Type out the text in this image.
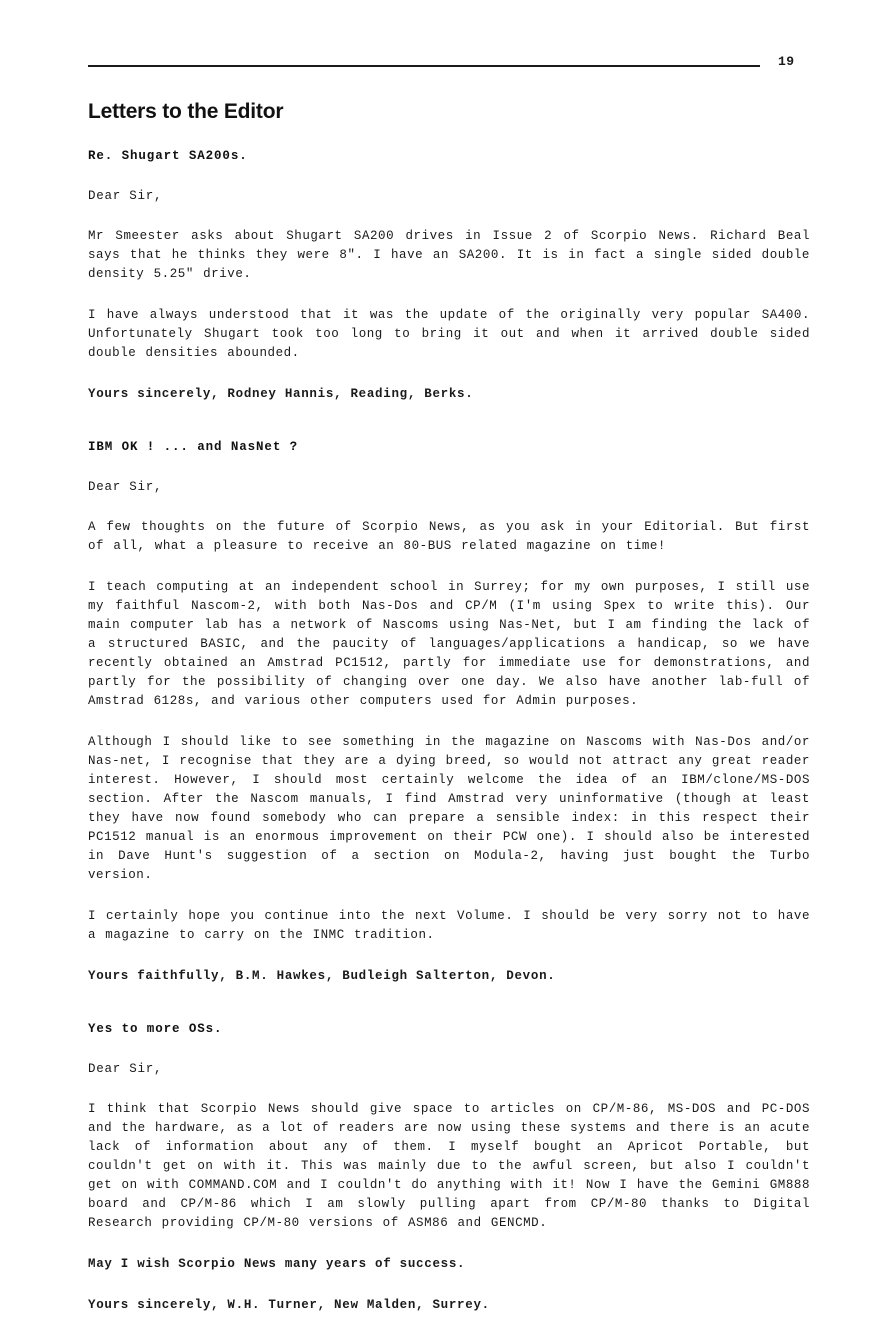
19
Letters to the Editor
Re. Shugart SA200s.
Dear Sir,

Mr Smeester asks about Shugart SA200 drives in Issue 2 of Scorpio News. Richard Beal says that he thinks they were 8". I have an SA200. It is in fact a single sided double density 5.25" drive.

I have always understood that it was the update of the originally very popular SA400. Unfortunately Shugart took too long to bring it out and when it arrived double sided double densities abounded.

Yours sincerely, Rodney Hannis, Reading, Berks.
IBM OK ! ... and NasNet ?
Dear Sir,

A few thoughts on the future of Scorpio News, as you ask in your Editorial. But first of all, what a pleasure to receive an 80-BUS related magazine on time!

I teach computing at an independent school in Surrey; for my own purposes, I still use my faithful Nascom-2, with both Nas-Dos and CP/M (I'm using Spex to write this). Our main computer lab has a network of Nascoms using Nas-Net, but I am finding the lack of a structured BASIC, and the paucity of languages/applications a handicap, so we have recently obtained an Amstrad PC1512, partly for immediate use for demonstrations, and partly for the possibility of changing over one day. We also have another lab-full of Amstrad 6128s, and various other computers used for Admin purposes.

Although I should like to see something in the magazine on Nascoms with Nas-Dos and/or Nas-net, I recognise that they are a dying breed, so would not attract any great reader interest. However, I should most certainly welcome the idea of an IBM/clone/MS-DOS section. After the Nascom manuals, I find Amstrad very uninformative (though at least they have now found somebody who can prepare a sensible index: in this respect their PC1512 manual is an enormous improvement on their PCW one). I should also be interested in Dave Hunt's suggestion of a section on Modula-2, having just bought the Turbo version.

I certainly hope you continue into the next Volume. I should be very sorry not to have a magazine to carry on the INMC tradition.

Yours faithfully, B.M. Hawkes, Budleigh Salterton, Devon.
Yes to more OSs.
Dear Sir,

I think that Scorpio News should give space to articles on CP/M-86, MS-DOS and PC-DOS and the hardware, as a lot of readers are now using these systems and there is an acute lack of information about any of them. I myself bought an Apricot Portable, but couldn't get on with it. This was mainly due to the awful screen, but also I couldn't get on with COMMAND.COM and I couldn't do anything with it! Now I have the Gemini GM888 board and CP/M-86 which I am slowly pulling apart from CP/M-80 thanks to Digital Research providing CP/M-80 versions of ASM86 and GENCMD.

May I wish Scorpio News many years of success.
Yours sincerely, W.H. Turner, New Malden, Surrey.
